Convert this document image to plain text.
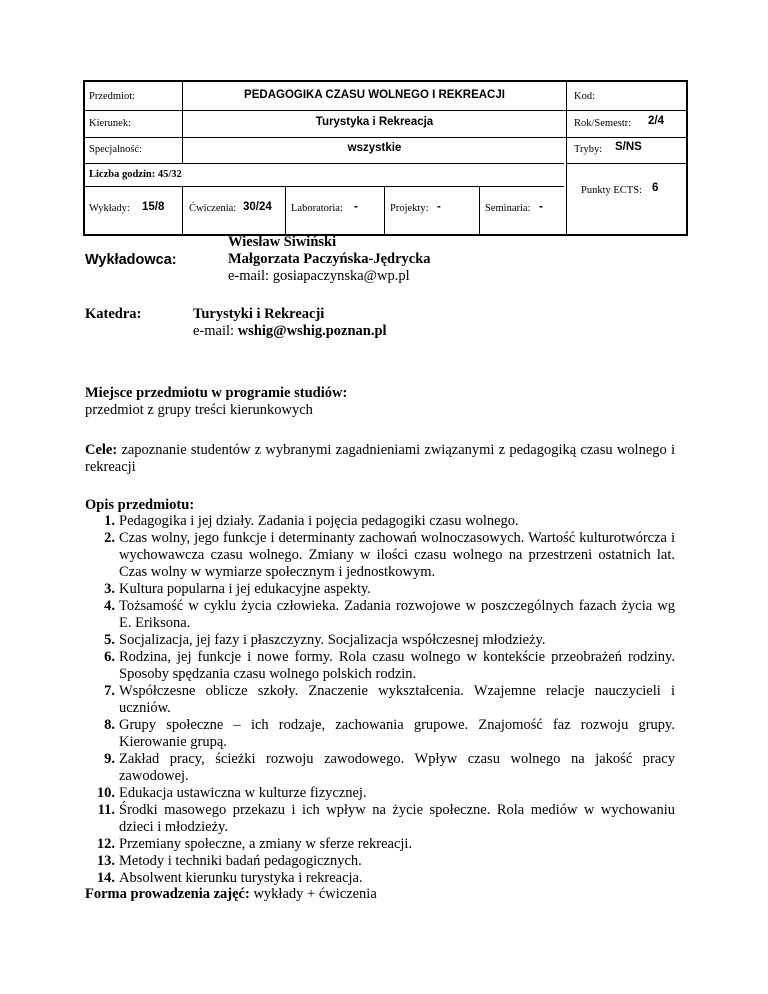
Przedmiot:	PEDAGOGIKA CZASU WOLNEGO I REKREACJI	Kod:
Kierunek:	Turystyka i Rekreacja	Rok/Semestr: 2/4
Specjalność:	wszystkie	Tryby: S/NS
Liczba godzin: 45/32
Wykłady: 15/8 Ćwiczenia: 30/24 Laboratoria: -	Projekty: -	Seminaria: -
Punkty ECTS: 6
Wykładowca:
Wiesław Siwiński
Małgorzata Paczyńska-Jędrycka
e-mail: gosiapaczynska@wp.pl
Katedra:	Turystyki i Rekreacji
e-mail: wshig@wshig.poznan.pl
Miejsce przedmiotu w programie studiów:
przedmiot z grupy treści kierunkowych
Cele: zapoznanie studentów z wybranymi zagadnieniami związanymi z pedagogiką czasu wolnego i rekreacji
Opis przedmiotu:
1. Pedagogika i jej działy. Zadania i pojęcia pedagogiki czasu wolnego.
2. Czas wolny, jego funkcje i determinanty zachowań wolnoczasowych. Wartość kulturotwórcza i wychowawcza czasu wolnego. Zmiany w ilości czasu wolnego na przestrzeni ostatnich lat. Czas wolny w wymiarze społecznym i jednostkowym.
3. Kultura popularna i jej edukacyjne aspekty.
4. Tożsamość w cyklu życia człowieka. Zadania rozwojowe w poszczególnych fazach życia wg E. Eriksona.
5. Socjalizacja, jej fazy i płaszczyzny. Socjalizacja współczesnej młodzieży.
6. Rodzina, jej funkcje i nowe formy. Rola czasu wolnego w kontekście przeobrażeń rodziny. Sposoby spędzania czasu wolnego polskich rodzin.
7. Współczesne oblicze szkoły. Znaczenie wykształcenia. Wzajemne relacje nauczycieli i uczniów.
8. Grupy społeczne – ich rodzaje, zachowania grupowe. Znajomość faz rozwoju grupy. Kierowanie grupą.
9. Zakład pracy, ścieżki rozwoju zawodowego. Wpływ czasu wolnego na jakość pracy zawodowej.
10. Edukacja ustawiczna w kulturze fizycznej.
11. Środki masowego przekazu i ich wpływ na życie społeczne. Rola mediów w wychowaniu dzieci i młodzieży.
12. Przemiany społeczne, a zmiany w sferze rekreacji.
13. Metody i techniki badań pedagogicznych.
14. Absolwent kierunku turystyka i rekreacja.
Forma prowadzenia zajęć: wykłady + ćwiczenia
